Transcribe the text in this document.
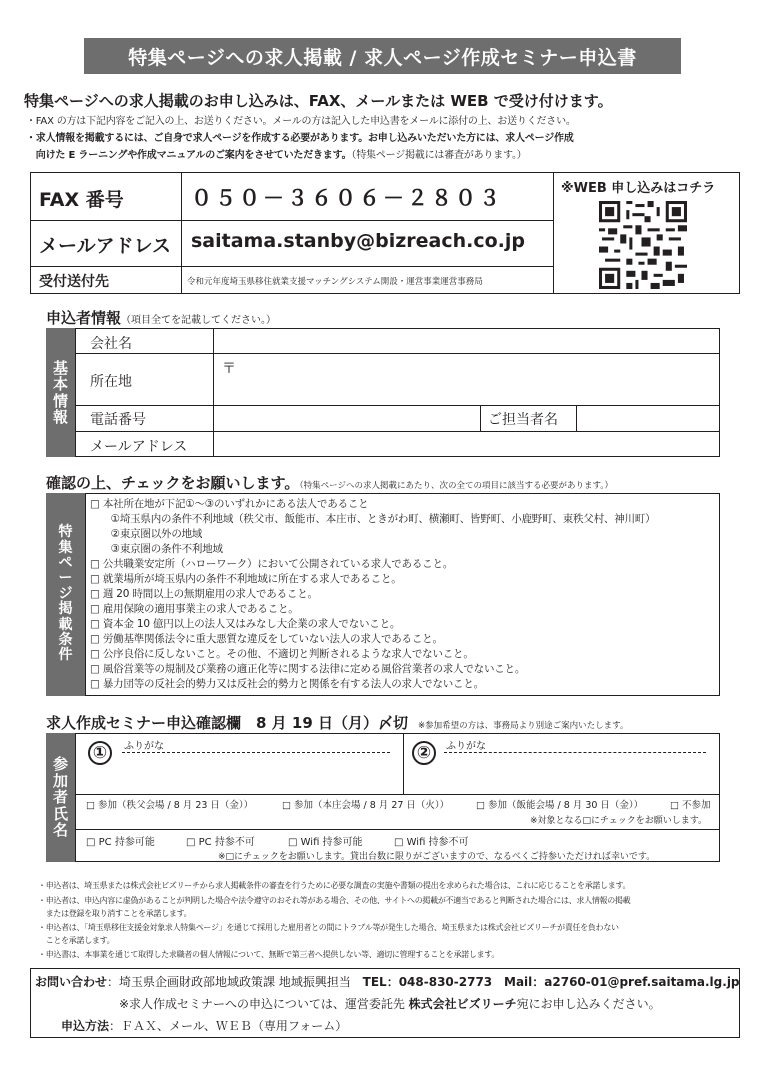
特集ページへの求人掲載 / 求人ページ作成セミナー申込書
特集ページへの求人掲載のお申し込みは、FAX、メールまたは WEB で受け付けます。
・FAX の方は下記内容をご記入の上、お送りください。メールの方は記入した申込書をメールに添付の上、お送りください。
・求人情報を掲載するには、ご自身で求人ページを作成する必要があります。お申し込みいただいた方には、求人ページ作成
　向けた E ラーニングや作成マニュアルのご案内をさせていただきます。（特集ページ掲載には審査があります。）
FAX 番号	０５０－３６０６－２８０３
メールアドレス saitama.stanby@bizreach.co.jp
受付送付先	令和元年度埼玉県移住就業支援マッチングシステム開設・運営事業運営事務局
※WEB 申し込みはコチラ
申込者情報（項目全てを記載してください。）
基
本
情
報
会社名
所在地
〒
電話番号	ご担当者名
メールアドレス
確認の上、チェックをお願いします。（特集ページへの求人掲載にあたり、次の全ての項目に該当する必要があります。）
特
集
ペ
ー
ジ
掲
載
条
件
□ 本社所在地が下記①～③のいずれかにある法人であること
　　①埼玉県内の条件不利地域（秩父市、飯能市、本庄市、ときがわ町、横瀬町、皆野町、小鹿野町、東秩父村、神川町）
　　②東京圏以外の地域
　　③東京圏の条件不利地域
□ 公共職業安定所（ハローワーク）において公開されている求人であること。
□ 就業場所が埼玉県内の条件不利地域に所在する求人であること。
□ 週 20 時間以上の無期雇用の求人であること。
□ 雇用保険の適用事業主の求人であること。
□ 資本金 10 億円以上の法人又はみなし大企業の求人でないこと。
□ 労働基準関係法令に重大悪質な違反をしていない法人の求人であること。
□ 公序良俗に反しないこと。その他、不適切と判断されるような求人でないこと。
□ 風俗営業等の規制及び業務の適正化等に関する法律に定める風俗営業者の求人でないこと。
□ 暴力団等の反社会的勢力又は反社会的勢力と関係を有する法人の求人でないこと。
求人作成セミナー申込確認欄　8 月 19 日（月）〆切 ※参加希望の方は、事務局より別途ご案内いたします。
参
加
者
氏
名
①	ふりがな	②	ふりがな
□ 参加（秩父会場 / 8 月 23 日（金））	□ 参加（本庄会場 / 8 月 27 日（火））	□ 参加（飯能会場 / 8 月 30 日（金））	□ 不参加
※対象となる□にチェックをお願いします。
□ PC 持参可能	□ PC 持参不可	□ Wifi 持参可能	□ Wifi 持参不可
※□にチェックをお願いします。貸出台数に限りがございますので、なるべくご持参いただければ幸いです。
・申込者は、埼玉県または株式会社ビズリーチから求人掲載条件の審査を行うために必要な調査の実施や書類の提出を求められた場合は、これに応じることを承諾します。
・申込者は、申込内容に虚偽があることが判明した場合や法令遵守のおそれ等がある場合、その他、サイトへの掲載が不適当であると判断された場合には、求人情報の掲載
　または登録を取り消すことを承諾します。
・申込者は、「埼玉県移住支援金対象求人特集ページ」を通じて採用した雇用者との間にトラブル等が発生した場合、埼玉県または株式会社ビズリーチが責任を負わない
　ことを承諾します。
・申込書は、本事業を通じて取得した求職者の個人情報について、無断で第三者へ提供しない等、適切に管理することを承諾します。
お問い合わせ：埼玉県企画財政部地域政策課 地域振興担当 TEL：048-830-2773 Mail：a2760-01@pref.saitama.lg.jp
※求人作成セミナーへの申込については、運営委託先 株式会社ビズリーチ宛にお申し込みください。
申込方法：ＦＡＸ、メール、ＷＥＢ（専用フォーム）
